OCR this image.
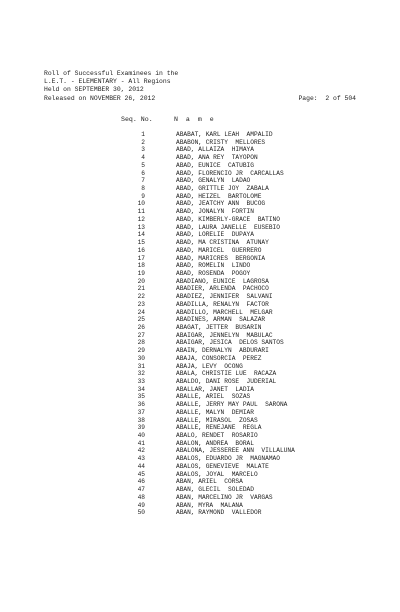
Roll of Successful Examinees in the
L.E.T. - ELEMENTARY - All Regions
Held on SEPTEMBER 30, 2012
Released on NOVEMBER 26, 2012	Page:  2 of 504
Seq. No.	N a m e
1	ABABAT, KARL LEAH  AMPALID
2	ABABON, CRISTY  MELLORES
3	ABAD, ALLAIZA  HIMAYA
4	ABAD, ANA REY  TAYOPON
5	ABAD, EUNICE  CATUBIG
6	ABAD, FLORENCIO JR  CARCALLAS
7	ABAD, GENALYN  LADAO
8	ABAD, GRITTLE JOY  ZABALA
9	ABAD, HEIZEL  BARTOLOME
10	ABAD, JEATCHY ANN  BUCOG
11	ABAD, JONALYN  FORTIN
12	ABAD, KIMBERLY-GRACE  BATINO
13	ABAD, LAURA JANELLE  EUSEBIO
14	ABAD, LORELIE  DUPAYA
15	ABAD, MA CRISTINA  ATUNAY
16	ABAD, MARICEL  GUERRERO
17	ABAD, MARICRES  BERGONIA
18	ABAD, ROMELIN  LINDO
19	ABAD, ROSENDA  POGOY
20	ABADIANO, EUNICE  LAGROSA
21	ABADIER, ARLENDA  PACHOCO
22	ABADIEZ, JENNIFER  SALVANI
23	ABADILLA, RENALYN  FACTOR
24	ABADILLO, MARCHELL  MELGAR
25	ABADINES, ARMAN  SALAZAR
26	ABAGAT, JETTER  BUSARIN
27	ABAIGAR, JENNELYN  MABULAC
28	ABAIGAR, JESICA  DELOS SANTOS
29	ABAIN, DERNALYN  ABDURARI
30	ABAJA, CONSORCIA  PEREZ
31	ABAJA, LEVY  OCONG
32	ABALA, CHRISTIE LUE  RACAZA
33	ABALDO, DANI ROSE  JUDERIAL
34	ABALLAR, JANET  LADIA
35	ABALLE, ARIEL  SOZAS
36	ABALLE, JERRY MAY PAUL  SARONA
37	ABALLE, MALYN  DEMIAR
38	ABALLE, MIRASOL  ZOSAS
39	ABALLE, RENEJANE  REGLA
40	ABALO, RENDET  ROSARIO
41	ABALON, ANDREA  BORAL
42	ABALONA, JESSEREE ANN  VILLALUNA
43	ABALOS, EDUARDO JR  MAGNAMAO
44	ABALOS, GENEVIEVE  MALATE
45	ABALOS, JOYAL  MARCELO
46	ABAN, ARIEL  CORSA
47	ABAN, GLECIL  SOLEDAD
48	ABAN, MARCELINO JR  VARGAS
49	ABAN, MYRA  MALANA
50	ABAN, RAYMOND  VALLEDOR
